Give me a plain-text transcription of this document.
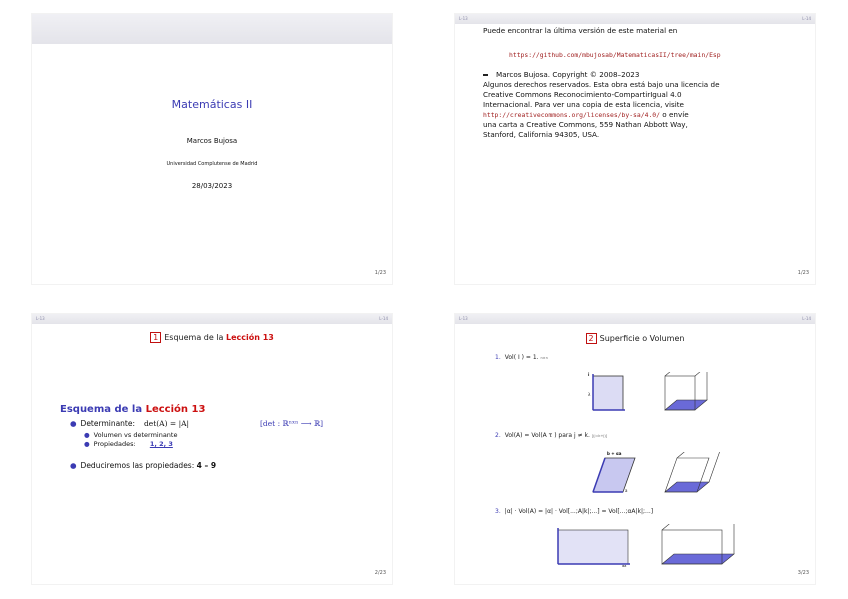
Matemáticas II
Marcos Bujosa
Universidad Complutense de Madrid
28/03/2023
1/23
L-13	L-14
Puede encontrar la última versión de este material en
https://github.com/mbujosab/MatematicasII/tree/main/Esp
Marcos Bujosa. Copyright © 2008–2023
Algunos derechos reservados. Esta obra está bajo una licencia de
Creative Commons Reconocimiento-CompartirIgual 4.0
Internacional. Para ver una copia de esta licencia, visite
http://creativecommons.org/licenses/by-sa/4.0/ o envíe
una carta a Creative Commons, 559 Nathan Abbott Way,
Stanford, California 94305, USA.
1/23
L-13	L-14
1 Esquema de la Lección 13
Esquema de la Lección 13
● Determinante: det(A) = |A|	[det : ℝⁿˣⁿ ⟶ ℝ]
● Volumen vs determinante
● Propiedades: 1, 2, 3
● Deduciremos las propiedades: 4 – 9
2/23
L-13	L-14
2 Superficie o Volumen
1. Vol( I ) = 1. n×n
i
λ
2. Vol(A) = Vol(A τ ) para j ≠ k. [(j=k+j)]
b + αa
a
3. |α| · Vol(A) = |α| · Vol[...;A|k|;...] = Vol[...;αA|k|;...]
αa
3/23
